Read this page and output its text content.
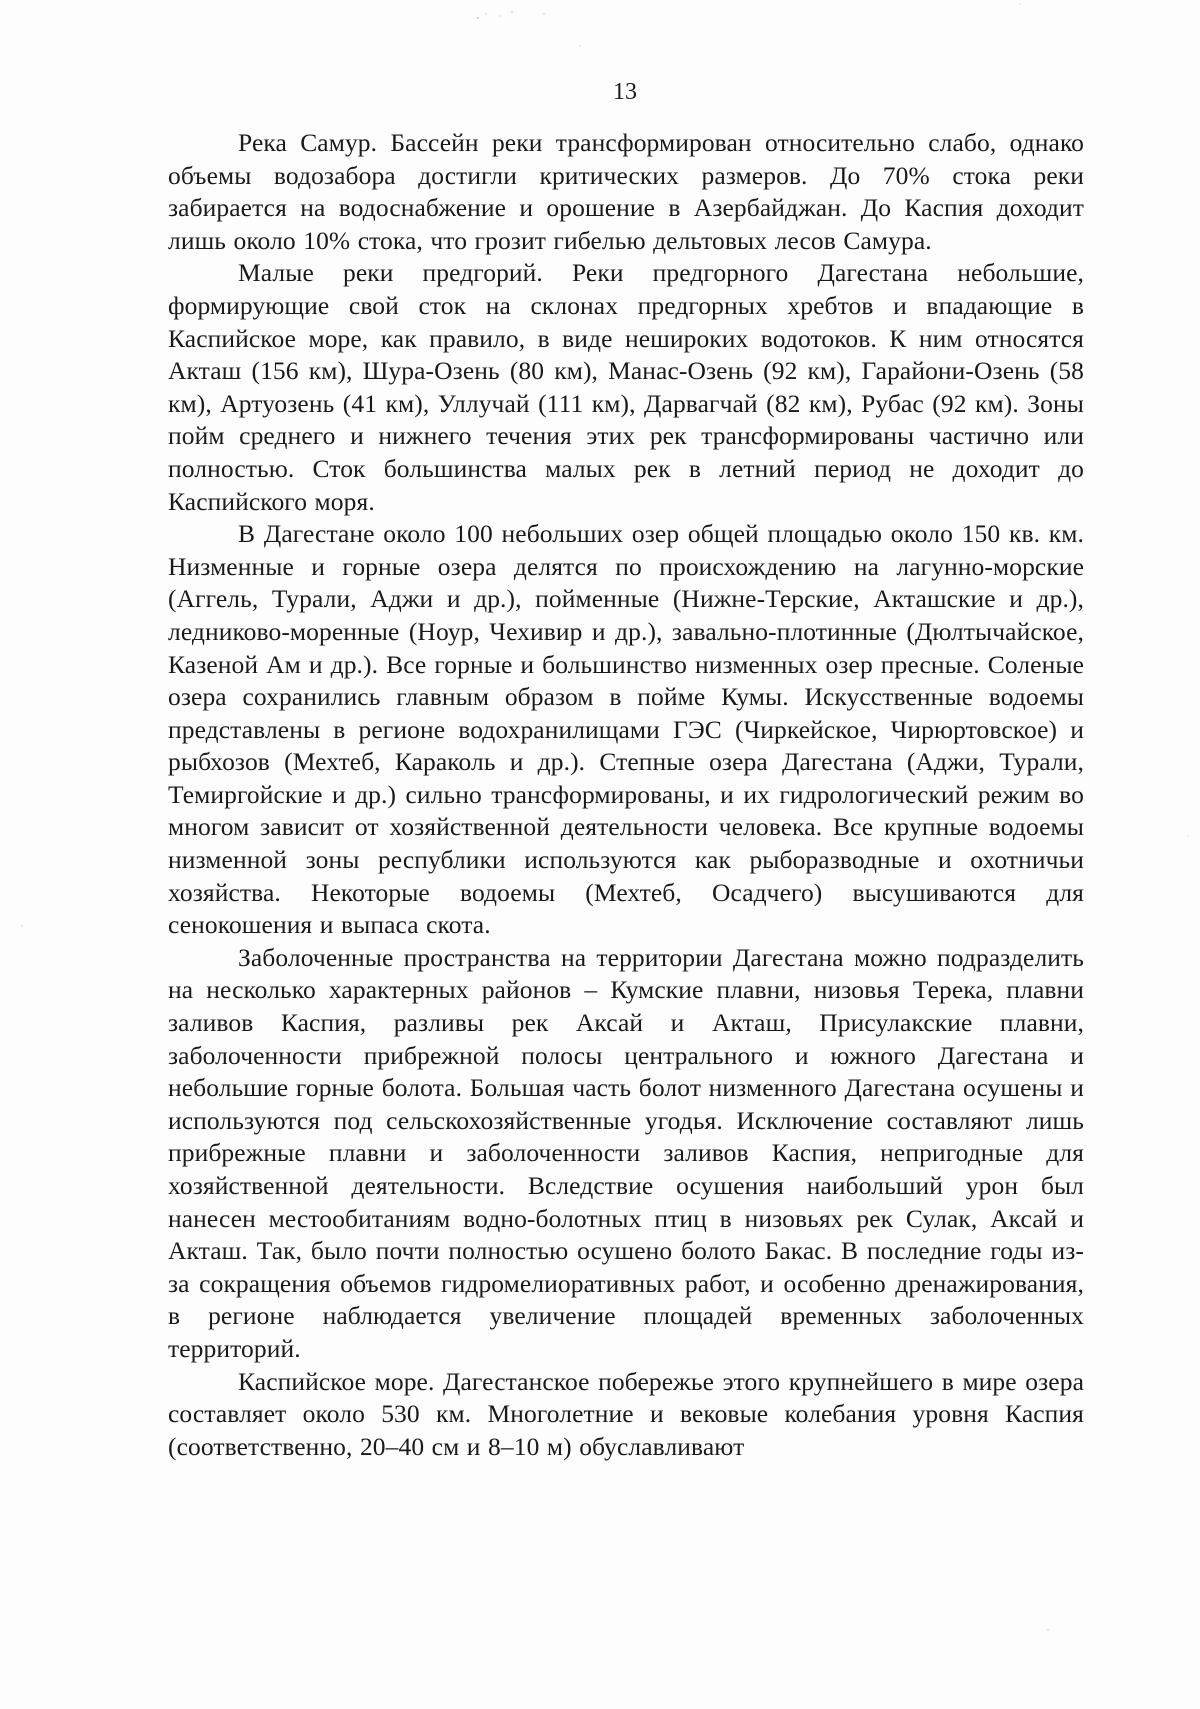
13

Река Самур. Бассейн реки трансформирован относительно слабо, однако объемы водозабора достигли критических размеров. До 70% стока реки забирается на водоснабжение и орошение в Азербайджан. До Каспия доходит лишь около 10% стока, что грозит гибелью дельтовых лесов Самура.

Малые реки предгорий. Реки предгорного Дагестана небольшие, формирующие свой сток на склонах предгорных хребтов и впадающие в Каспийское море, как правило, в виде неширокиx водотоков. К ним относятся Акташ (156 км), Шура-Озень (80 км), Манас-Озень (92 км), Гарайони-Озень (58 км), Артуозень (41 км), Уллучай (111 км), Дарвагчай (82 км), Рубас (92 км). Зоны пойм среднего и нижнего течения этих рек трансформированы частично или полностью. Сток большинства малых рек в летний период не доходит до Каспийского моря.

В Дагестане около 100 небольших озер общей площадью около 150 кв. км. Низменные и горные озера делятся по происхождению на лагунно-морские (Аггель, Турали, Аджи и др.), пойменные (Нижне-Терские, Акташские и др.), ледниково-моренные (Ноур, Чехивир и др.), завально-плотинные (Дюлтычайское, Казеной Ам и др.). Все горные и большинство низменных озер пресные. Соленые озера сохранились главным образом в пойме Кумы. Искусственные водоемы представлены в регионе водохранилищами ГЭС (Чиркейское, Чирюртовское) и рыбхозов (Мехтеб, Караколь и др.). Степные озера Дагестана (Аджи, Турали, Темиргойские и др.) сильно трансформированы, и их гидрологический режим во многом зависит от хозяйственной деятельности человека. Все крупные водоемы низменной зоны республики используются как рыборазводные и охотничьи хозяйства. Некоторые водоемы (Мехтеб, Осадчего) высушиваются для сенокошения и выпаса скота.

Заболоченные пространства на территории Дагестана можно подразделить на несколько характерных районов – Кумские плавни, низовья Терека, плавни заливов Каспия, разливы рек Аксай и Акташ, Присулакские плавни, заболоченности прибрежной полосы центрального и южного Дагестана и небольшие горные болота. Большая часть болот низменного Дагестана осушены и используются под сельскохозяйственные угодья. Исключение составляют лишь прибрежные плавни и заболоченности заливов Каспия, непригодные для хозяйственной деятельности. Вследствие осушения наибольший урон был нанесен местообитаниям водно-болотных птиц в низовьях рек Сулак, Аксай и Акташ. Так, было почти полностью осушено болото Бакас. В последние годы из-за сокращения объемов гидромелиоративных работ, и особенно дренажирования, в регионе наблюдается увеличение площадей временных заболоченных территорий.

Каспийское море. Дагестанское побережье этого крупнейшего в мире озера составляет около 530 км. Многолетние и вековые колебания уровня Каспия (соответственно, 20–40 см и 8–10 м) обуславливают
